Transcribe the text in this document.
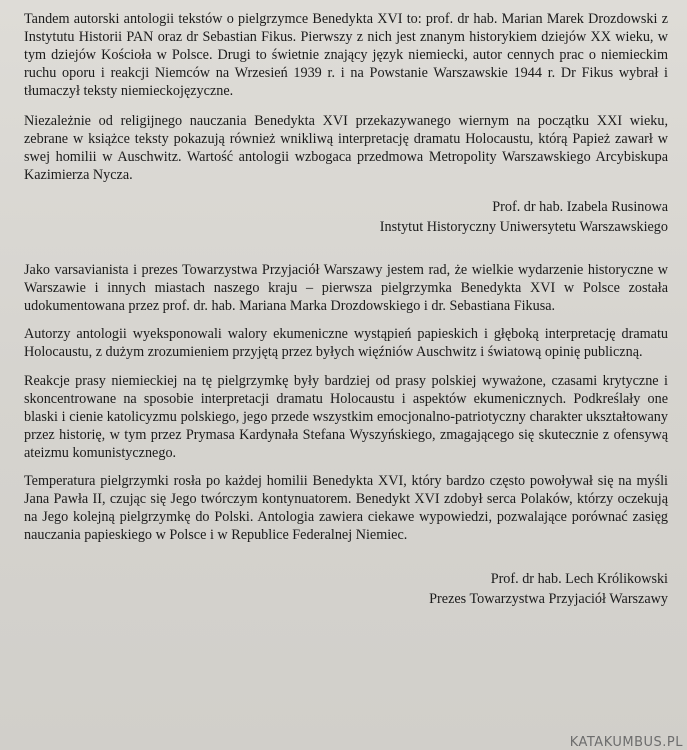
Tandem autorski antologii tekstów o pielgrzymce Benedykta XVI to: prof. dr hab. Marian Marek Drozdowski z Instytutu Historii PAN oraz dr Sebastian Fikus. Pierwszy z nich jest znanym historykiem dziejów XX wieku, w tym dziejów Kościoła w Polsce. Drugi to świetnie znający język niemiecki, autor cennych prac o niemieckim ruchu oporu i reakcji Niemców na Wrzesień 1939 r. i na Powstanie Warszawskie 1944 r. Dr Fikus wybrał i tłumaczył teksty niemieckojęzyczne.

Niezależnie od religijnego nauczania Benedykta XVI przekazywanego wiernym na początku XXI wieku, zebrane w książce teksty pokazują również wnikliwą interpretację dramatu Holocaustu, którą Papież zawarł w swej homilii w Auschwitz. Wartość antologii wzbogaca przedmowa Metropolity Warszawskiego Arcybiskupa Kazimierza Nycza.

Prof. dr hab. Izabela Rusinowa
Instytut Historyczny Uniwersytetu Warszawskiego

Jako varsavianista i prezes Towarzystwa Przyjaciół Warszawy jestem rad, że wielkie wydarzenie historyczne w Warszawie i innych miastach naszego kraju – pierwsza pielgrzymka Benedykta XVI w Polsce została udokumentowana przez prof. dr. hab. Mariana Marka Drozdowskiego i dr. Sebastiana Fikusa.

Autorzy antologii wyeksponowali walory ekumeniczne wystąpień papieskich i głęboką interpretację dramatu Holocaustu, z dużym zrozumieniem przyjętą przez byłych więźniów Auschwitz i światową opinię publiczną.

Reakcje prasy niemieckiej na tę pielgrzymkę były bardziej od prasy polskiej wyważone, czasami krytyczne i skoncentrowane na sposobie interpretacji dramatu Holocaustu i aspektów ekumenicznych. Podkreślały one blaski i cienie katolicyzmu polskiego, jego przede wszystkim emocjonalno-patriotyczny charakter ukształtowany przez historię, w tym przez Prymasa Kardynała Stefana Wyszyńskiego, zmagającego się skutecznie z ofensywą ateizmu komunistycznego.

Temperatura pielgrzymki rosła po każdej homilii Benedykta XVI, który bardzo często powoływał się na myśli Jana Pawła II, czując się Jego twórczym kontynuatorem. Benedykt XVI zdobył serca Polaków, którzy oczekują na Jego kolejną pielgrzymkę do Polski. Antologia zawiera ciekawe wypowiedzi, pozwalające porównać zasięg nauczania papieskiego w Polsce i w Republice Federalnej Niemiec.

Prof. dr hab. Lech Królikowski
Prezes Towarzystwa Przyjaciół Warszawy
KATAKUMBUS.PL
